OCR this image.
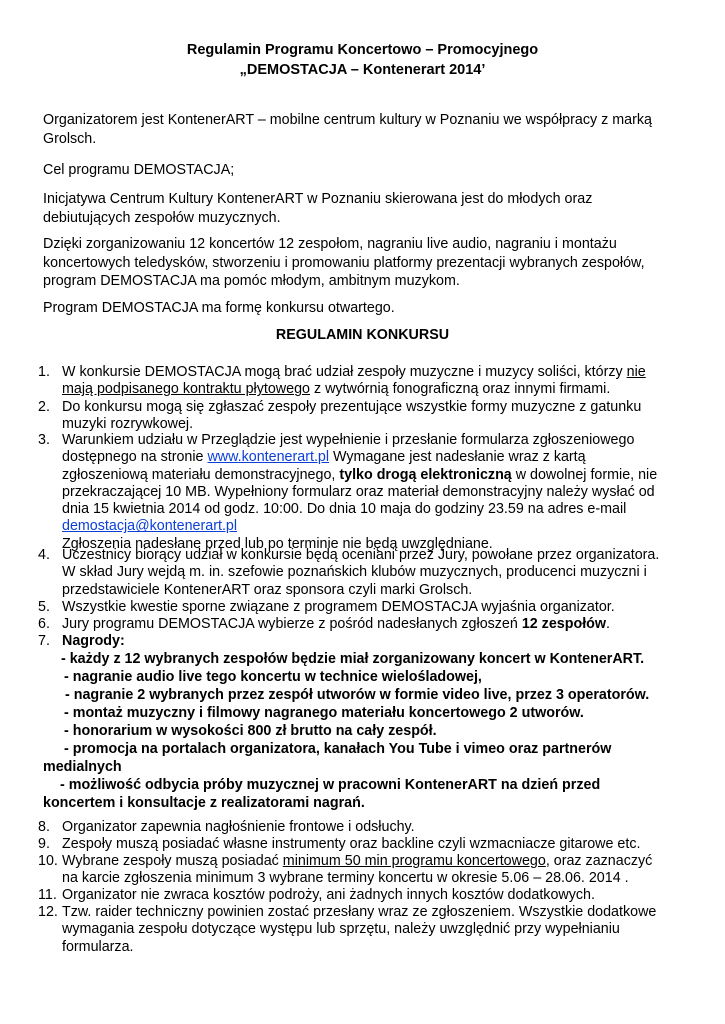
Regulamin Programu Koncertowo – Promocyjnego
„DEMOSTACJA – Kontenerart 2014’
Organizatorem jest KontenerART – mobilne centrum kultury w Poznaniu we współpracy z marką
Grolsch.
Cel programu DEMOSTACJA;
Inicjatywa Centrum Kultury KontenerART w Poznaniu skierowana jest do młodych oraz
debiutujących zespołów muzycznych.
Dzięki zorganizowaniu 12 koncertów 12 zespołom, nagraniu live audio, nagraniu i montażu
koncertowych teledysków, stworzeniu i promowaniu platformy prezentacji wybranych zespołów,
program DEMOSTACJA ma pomóc młodym, ambitnym muzykom.
Program DEMOSTACJA ma formę konkursu otwartego.
REGULAMIN KONKURSU
1. W konkursie DEMOSTACJA mogą brać udział zespoły muzyczne i muzycy soliści, którzy nie
mają podpisanego kontraktu płytowego z wytwórnią fonograficzną oraz innymi firmami.
2. Do konkursu mogą się zgłaszać zespoły prezentujące wszystkie formy muzyczne z gatunku
muzyki rozrywkowej.
3. Warunkiem udziału w Przeglądzie jest wypełnienie i przesłanie formularza zgłoszeniowego
dostępnego na stronie www.kontenerart.pl Wymagane jest nadesłanie wraz z kartą
zgłoszeniową materiału demonstracyjnego, tylko drogą elektroniczną w dowolnej formie, nie
przekraczającej 10 MB. Wypełniony formularz oraz materiał demonstracyjny należy wysłać od
dnia 15 kwietnia 2014 od godz. 10:00. Do dnia 10 maja do godziny 23.59 na adres e-mail
demostacja@kontenerart.pl
Zgłoszenia nadesłane przed lub po terminie nie będą uwzględniane.
4. Uczestnicy biorący udział w konkursie będą oceniani przez Jury, powołane przez organizatora.
W skład Jury wejdą m. in. szefowie poznańskich klubów muzycznych, producenci muzyczni i
przedstawiciele KontenerART oraz sponsora czyli marki Grolsch.
5. Wszystkie kwestie sporne związane z programem DEMOSTACJA wyjaśnia organizator.
6. Jury programu DEMOSTACJA wybierze z pośród nadesłanych zgłoszeń 12 zespołów.
7. Nagrody:
- każdy z 12 wybranych zespołów będzie miał zorganizowany koncert w KontenerART.
- nagranie audio live tego koncertu w technice wielośladowej,
- nagranie 2 wybranych przez zespół utworów w formie video live, przez 3 operatorów.
- montaż muzyczny i filmowy nagranego materiału koncertowego 2 utworów.
- honorarium w wysokości 800 zł brutto na cały zespół.
- promocja na portalach organizatora, kanałach You Tube i vimeo oraz partnerów
medialnych
- możliwość odbycia próby muzycznej w pracowni KontenerART na dzień przed
koncertem i konsultacje z realizatorami nagrań.
8. Organizator zapewnia nagłośnienie frontowe i odsłuchy.
9. Zespoły muszą posiadać własne instrumenty oraz backline czyli wzmacniacze gitarowe etc.
10. Wybrane zespoły muszą posiadać minimum 50 min programu koncertowego, oraz zaznaczyć
na karcie zgłoszenia minimum 3 wybrane terminy koncertu w okresie 5.06 – 28.06. 2014 .
11. Organizator nie zwraca kosztów podroży, ani żadnych innych kosztów dodatkowych.
12. Tzw. raider techniczny powinien zostać przesłany wraz ze zgłoszeniem. Wszystkie dodatkowe
wymagania zespołu dotyczące występu lub sprzętu, należy uwzględnić przy wypełnianiu
formularza.
